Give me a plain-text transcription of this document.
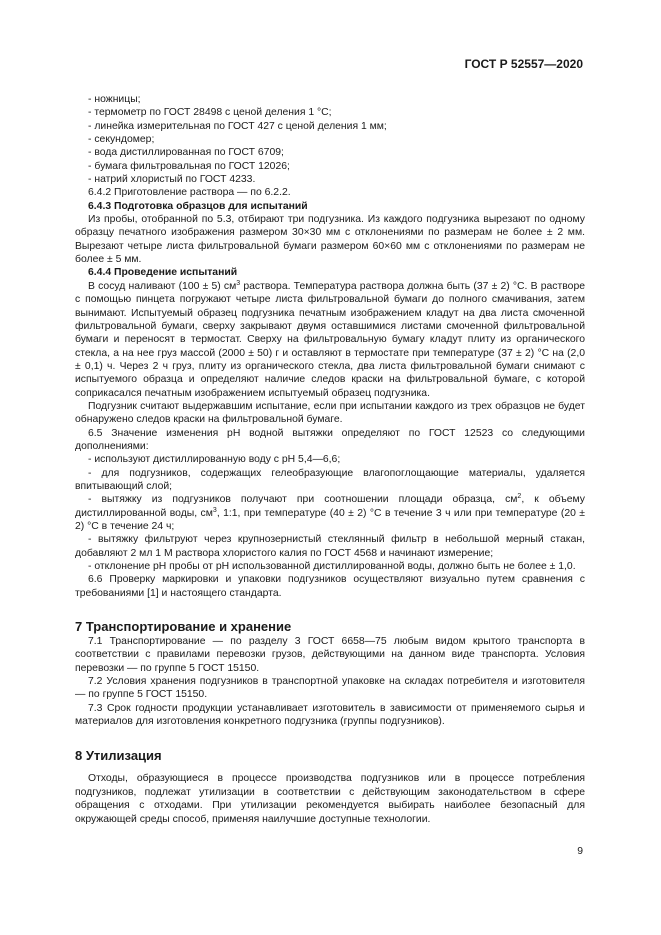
ГОСТ Р 52557—2020

- ножницы;

- термометр по ГОСТ 28498 с ценой деления 1 °С;

- линейка измерительная по ГОСТ 427 с ценой деления 1 мм;

- секундомер;

- вода дистиллированная по ГОСТ 6709;

- бумага фильтровальная по ГОСТ 12026;

- натрий хлористый по ГОСТ 4233.

6.4.2 Приготовление раствора — по 6.2.2.

6.4.3 Подготовка образцов для испытаний

Из пробы, отобранной по 5.3, отбирают три подгузника. Из каждого подгузника вырезают по одному образцу печатного изображения размером 30×30 мм с отклонениями по размерам не более ± 2 мм. Вырезают четыре листа фильтровальной бумаги размером 60×60 мм с отклонениями по размерам не более ± 5 мм.

6.4.4 Проведение испытаний

В сосуд наливают (100 ± 5) $см^3$ раствора. Температура раствора должна быть (37 ± 2) °С. В растворе с помощью пинцета погружают четыре листа фильтровальной бумаги до полного смачивания, затем вынимают. Испытуемый образец подгузника печатным изображением кладут на два листа смоченной фильтровальной бумаги, сверху закрывают двумя оставшимися листами смоченной фильтровальной бумаги и переносят в термостат. Сверху на фильтровальную бумагу кладут плиту из органического стекла, а на нее груз массой (2000 ± 50) г и оставляют в термостате при температуре (37 ± 2) °С на (2,0 ± 0,1) ч. Через 2 ч груз, плиту из органического стекла, два листа фильтровальной бумаги снимают с испытуемого образца и определяют наличие следов краски на фильтровальной бумаге, с которой соприкасался печатным изображением испытуемый образец подгузника.

Подгузник считают выдержавшим испытание, если при испытании каждого из трех образцов не будет обнаружено следов краски на фильтровальной бумаге.

6.5 Значение изменения pH водной вытяжки определяют по ГОСТ 12523 со следующими дополнениями:

- используют дистиллированную воду с pH 5,4—6,6;

- для подгузников, содержащих гелеобразующие влагопоглощающие материалы, удаляется впитывающий слой;

- вытяжку из подгузников получают при соотношении площади образца, $см^2$, к объему дистиллированной воды, $см^3$, 1:1, при температуре (40 ± 2) °С в течение 3 ч или при температуре (20 ± 2) °С в течение 24 ч;

- вытяжку фильтруют через крупнозернистый стеклянный фильтр в небольшой мерный стакан, добавляют 2 мл 1 М раствора хлористого калия по ГОСТ 4568 и начинают измерение;

- отклонение pH пробы от pH использованной дистиллированной воды, должно быть не более ± 1,0.

6.6 Проверку маркировки и упаковки подгузников осуществляют визуально путем сравнения с требованиями [1] и настоящего стандарта.

7 Транспортирование и хранение

7.1 Транспортирование — по разделу 3 ГОСТ 6658—75 любым видом крытого транспорта в соответствии с правилами перевозки грузов, действующими на данном виде транспорта. Условия перевозки — по группе 5 ГОСТ 15150.

7.2 Условия хранения подгузников в транспортной упаковке на складах потребителя и изготовителя — по группе 5 ГОСТ 15150.

7.3 Срок годности продукции устанавливает изготовитель в зависимости от применяемого сырья и материалов для изготовления конкретного подгузника (группы подгузников).

8 Утилизация

Отходы, образующиеся в процессе производства подгузников или в процессе потребления подгузников, подлежат утилизации в соответствии с действующим законодательством в сфере обращения с отходами. При утилизации рекомендуется выбирать наиболее безопасный для окружающей среды способ, применяя наилучшие доступные технологии.

9
